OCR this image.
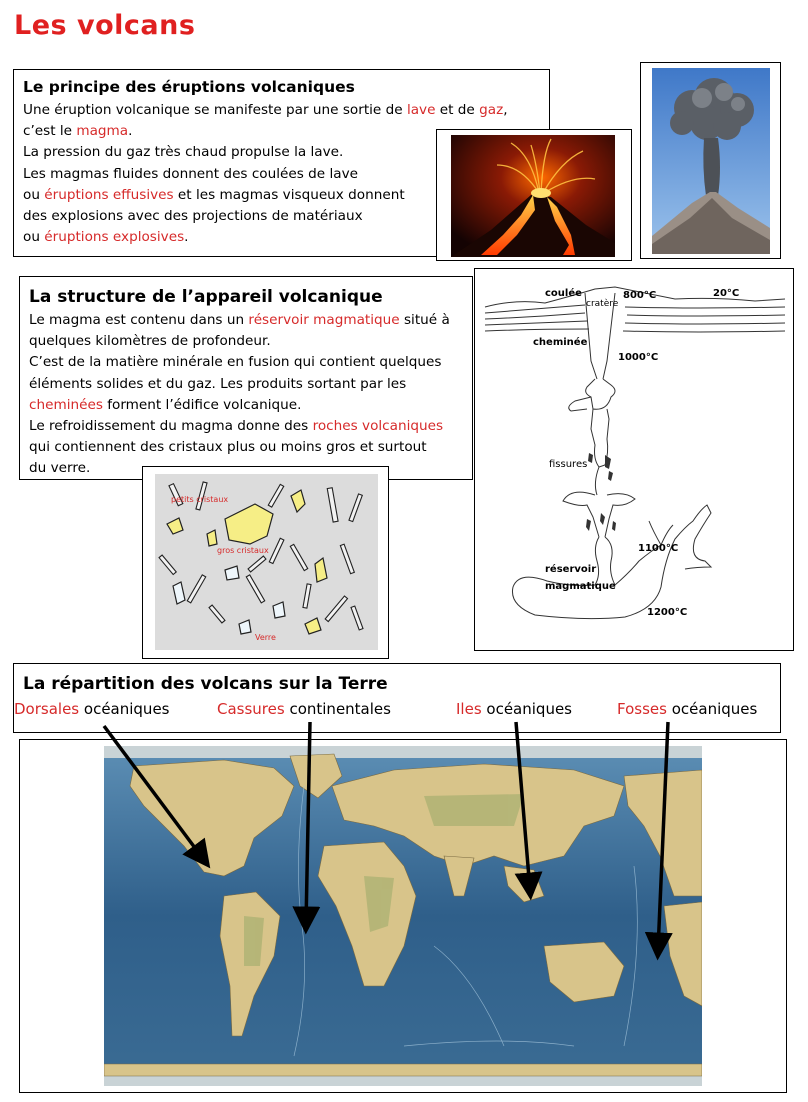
Les volcans
Le principe des éruptions volcaniques
Une éruption volcanique se manifeste par une sortie de lave et de gaz,
c’est le magma.
La pression du gaz très chaud propulse la lave.
Les magmas fluides donnent des coulées de lave
ou éruptions effusives et les magmas visqueux donnent
des explosions avec des projections de matériaux
ou éruptions explosives.
La structure de l’appareil volcanique
Le magma est contenu dans un réservoir magmatique situé à
quelques kilomètres de profondeur.
C’est de la matière minérale en fusion qui contient quelques
éléments solides et du gaz. Les produits sortant par les
cheminées forment l’édifice volcanique.
Le refroidissement du magma donne des roches volcaniques
qui contiennent des cristaux plus ou moins gros et surtout
du verre.
petits cristaux
gros cristaux
Verre
coulée
cratère
800°C	20°C
cheminée
1000°C
fissures
1100°C
réservoir
magmatique
1200°C
La répartition des volcans sur la Terre
Dorsales océaniques	Cassures continentales	Iles océaniques	Fosses océaniques
